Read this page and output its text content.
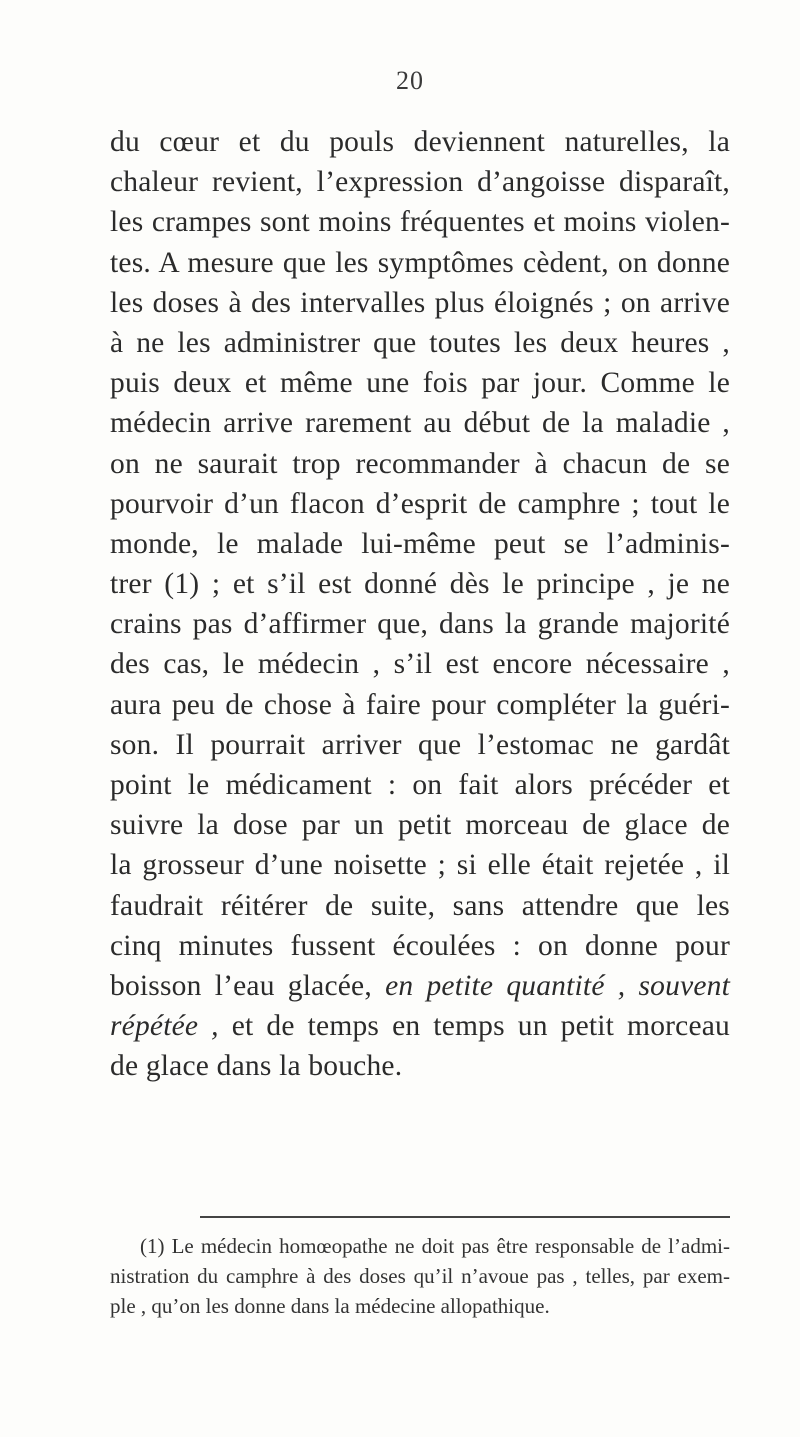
20
du cœur et du pouls deviennent naturelles, la
chaleur revient, l’expression d’angoisse disparaît,
les crampes sont moins fréquentes et moins violen-
tes. A mesure que les symptômes cèdent, on donne
les doses à des intervalles plus éloignés ; on arrive
à ne les administrer que toutes les deux heures ,
puis deux et même une fois par jour. Comme le
médecin arrive rarement au début de la maladie ,
on ne saurait trop recommander à chacun de se
pourvoir d’un flacon d’esprit de camphre ; tout le
monde, le malade lui-même peut se l’adminis-
trer (1) ; et s’il est donné dès le principe , je ne
crains pas d’affirmer que, dans la grande majorité
des cas, le médecin , s’il est encore nécessaire ,
aura peu de chose à faire pour compléter la guéri-
son. Il pourrait arriver que l’estomac ne gardât
point le médicament : on fait alors précéder et
suivre la dose par un petit morceau de glace de
la grosseur d’une noisette ; si elle était rejetée , il
faudrait réitérer de suite, sans attendre que les
cinq minutes fussent écoulées : on donne pour
boisson l’eau glacée, en petite quantité , souvent
répétée , et de temps en temps un petit morceau
de glace dans la bouche.
(1) Le médecin homœopathe ne doit pas être responsable de l’admi-
nistration du camphre à des doses qu’il n’avoue pas , telles, par exem-
ple , qu’on les donne dans la médecine allopathique.
